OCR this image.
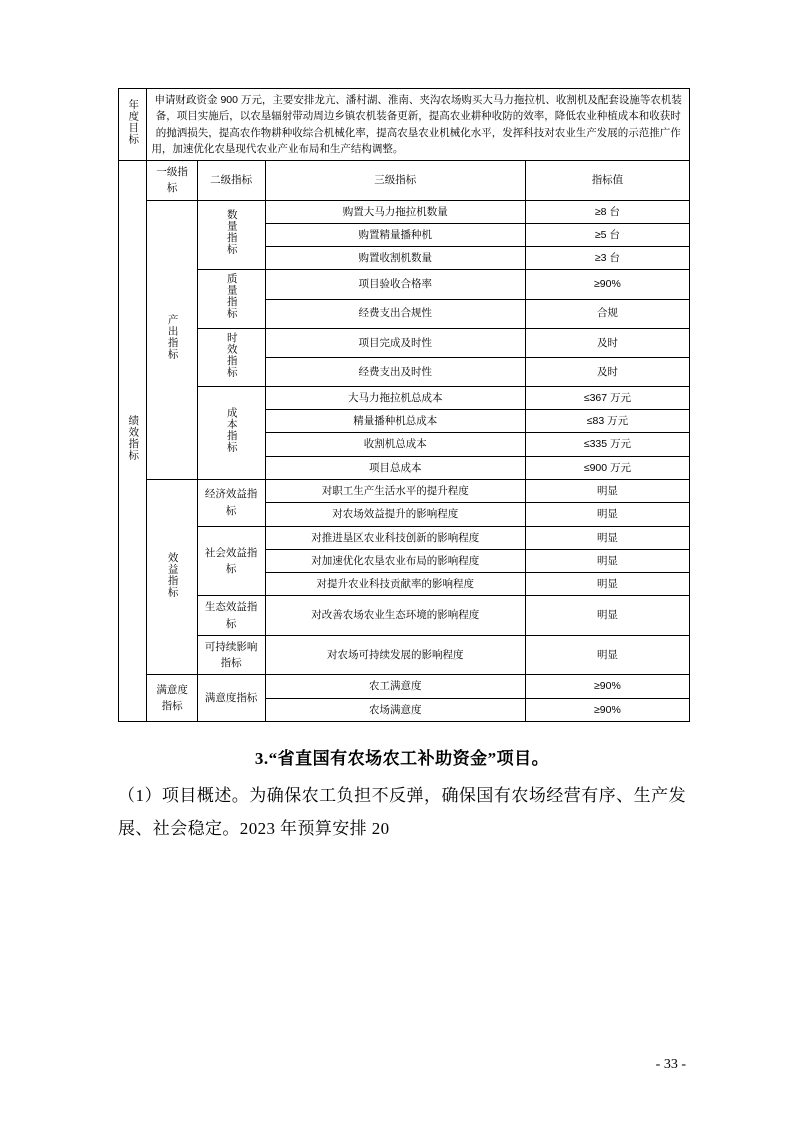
年度目标	申请财政资金 900 万元，主要安排龙亢、潘村湖、淮南、夹沟农场购买大马力拖拉机、收割机及配套设施等农机装备，项目实施后，以农垦辐射带动周边乡镇农机装备更新，提高农业耕种收防的效率，降低农业种植成本和收获时的抛洒损失，提高农作物耕种收综合机械化率，提高农垦农业机械化水平，发挥科技对农业生产发展的示范推广作用，加速优化农垦现代农业产业布局和生产结构调整。			
绩效指标	一级指标	二级指标	三级指标	指标值
	产出指标	数量指标	购置大马力拖拉机数量	≥8 台
			购置精量播种机	≥5 台
			购置收割机数量	≥3 台
		质量指标	项目验收合格率	≥90%
			经费支出合规性	合规
		时效指标	项目完成及时性	及时
			经费支出及时性	及时
		成本指标	大马力拖拉机总成本	≤367 万元
			精量播种机总成本	≤83 万元
			收割机总成本	≤335 万元
			项目总成本	≤900 万元
	效益指标	经济效益指标	对职工生产生活水平的提升程度	明显
			对农场效益提升的影响程度	明显
		社会效益指标	对推进垦区农业科技创新的影响程度	明显
			对加速优化农垦农业布局的影响程度	明显
			对提升农业科技贡献率的影响程度	明显
		生态效益指标	对改善农场农业生态环境的影响程度	明显
		可持续影响指标	对农场可持续发展的影响程度	明显
	满意度指标	满意度指标	农工满意度	≥90%
			农场满意度	≥90%
3.“省直国有农场农工补助资金”项目。
（1）项目概述。为确保农工负担不反弹，确保国有农场经营有序、生产发展、社会稳定。2023 年预算安排 20
- 33 -
